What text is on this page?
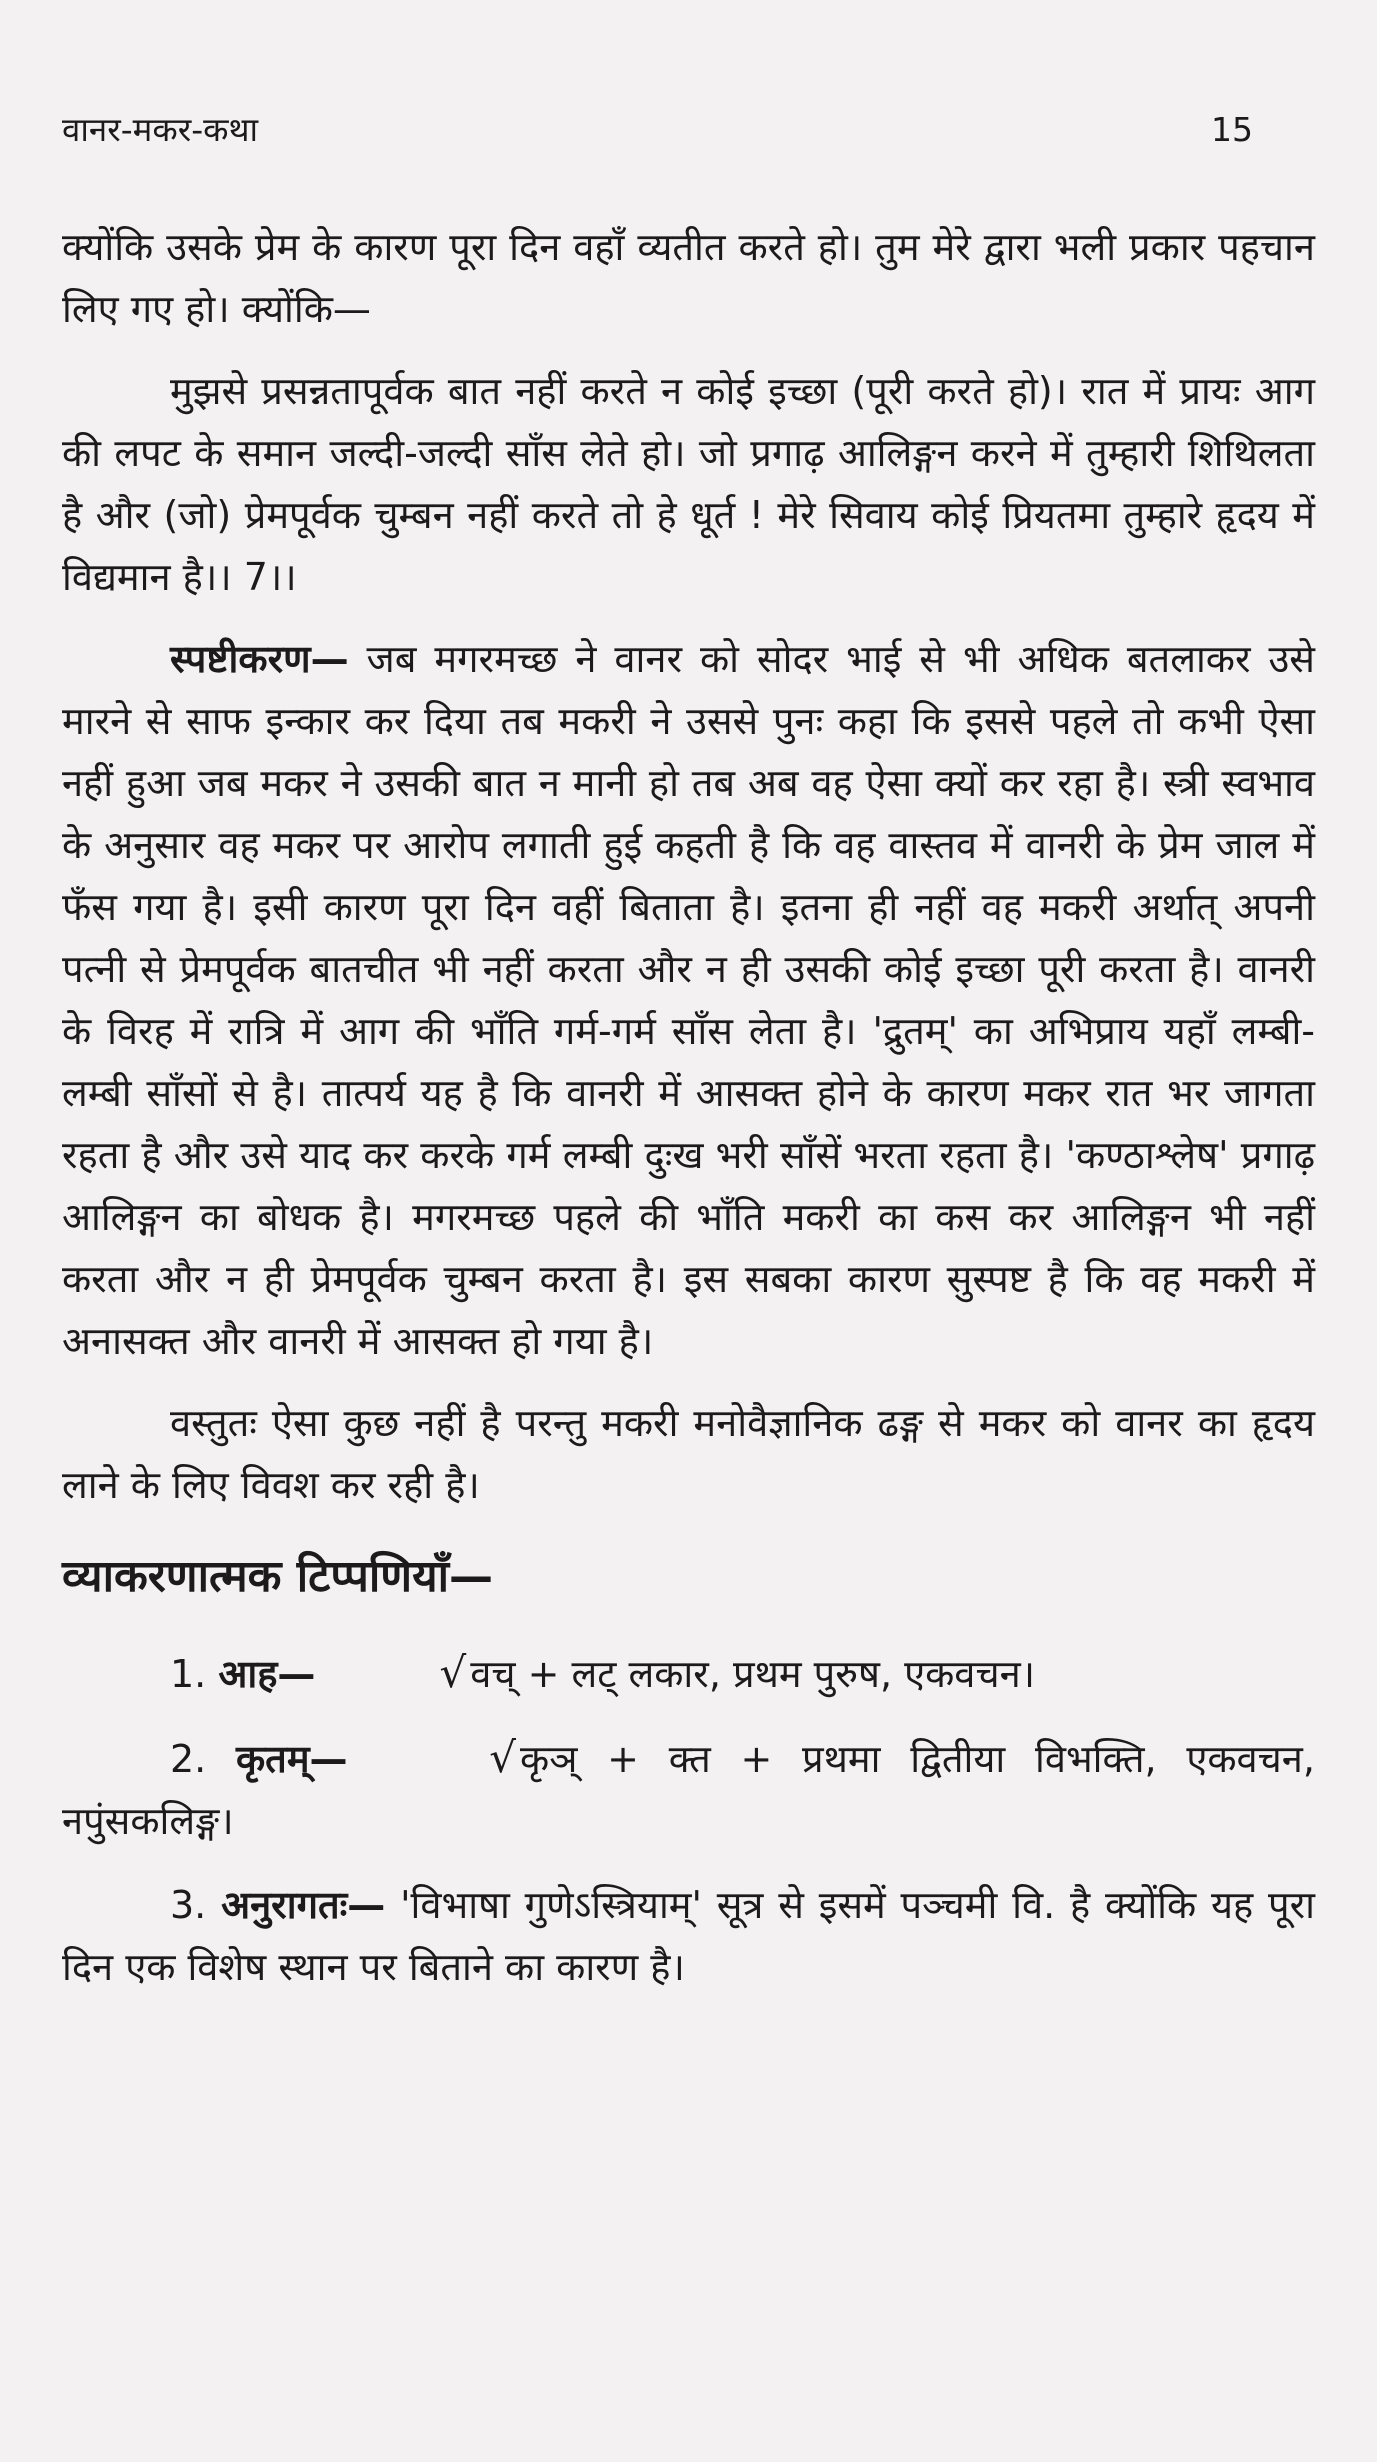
वानर-मकर-कथा	15

क्योंकि उसके प्रेम के कारण पूरा दिन वहाँ व्यतीत करते हो। तुम मेरे द्वारा भली प्रकार पहचान लिए गए हो। क्योंकि—

मुझसे प्रसन्नतापूर्वक बात नहीं करते न कोई इच्छा (पूरी करते हो)। रात में प्रायः आग की लपट के समान जल्दी-जल्दी साँस लेते हो। जो प्रगाढ़ आलिङ्गन करने में तुम्हारी शिथिलता है और (जो) प्रेमपूर्वक चुम्बन नहीं करते तो हे धूर्त ! मेरे सिवाय कोई प्रियतमा तुम्हारे हृदय में विद्यमान है।। 7।।

स्पष्टीकरण— जब मगरमच्छ ने वानर को सोदर भाई से भी अधिक बतलाकर उसे मारने से साफ इन्कार कर दिया तब मकरी ने उससे पुनः कहा कि इससे पहले तो कभी ऐसा नहीं हुआ जब मकर ने उसकी बात न मानी हो तब अब वह ऐसा क्यों कर रहा है। स्त्री स्वभाव के अनुसार वह मकर पर आरोप लगाती हुई कहती है कि वह वास्तव में वानरी के प्रेम जाल में फँस गया है। इसी कारण पूरा दिन वहीं बिताता है। इतना ही नहीं वह मकरी अर्थात् अपनी पत्नी से प्रेमपूर्वक बातचीत भी नहीं करता और न ही उसकी कोई इच्छा पूरी करता है। वानरी के विरह में रात्रि में आग की भाँति गर्म-गर्म साँस लेता है। 'द्रुतम्' का अभिप्राय यहाँ लम्बी-लम्बी साँसों से है। तात्पर्य यह है कि वानरी में आसक्त होने के कारण मकर रात भर जागता रहता है और उसे याद कर करके गर्म लम्बी दुःख भरी साँसें भरता रहता है। 'कण्ठाश्लेष' प्रगाढ़ आलिङ्गन का बोधक है। मगरमच्छ पहले की भाँति मकरी का कस कर आलिङ्गन भी नहीं करता और न ही प्रेमपूर्वक चुम्बन करता है। इस सबका कारण सुस्पष्ट है कि वह मकरी में अनासक्त और वानरी में आसक्त हो गया है।

वस्तुतः ऐसा कुछ नहीं है परन्तु मकरी मनोवैज्ञानिक ढङ्ग से मकर को वानर का हृदय लाने के लिए विवश कर रही है।

व्याकरणात्मक टिप्पणियाँ—

1. आह—	√ वच् + लट् लकार, प्रथम पुरुष, एकवचन।

2. कृतम्—	√ कृञ् + क्त + प्रथमा द्वितीया विभक्ति, एकवचन, नपुंसकलिङ्ग।

3. अनुरागतः— 'विभाषा गुणेऽस्त्रियाम्' सूत्र से इसमें पञ्चमी वि. है क्योंकि यह पूरा दिन एक विशेष स्थान पर बिताने का कारण है।
